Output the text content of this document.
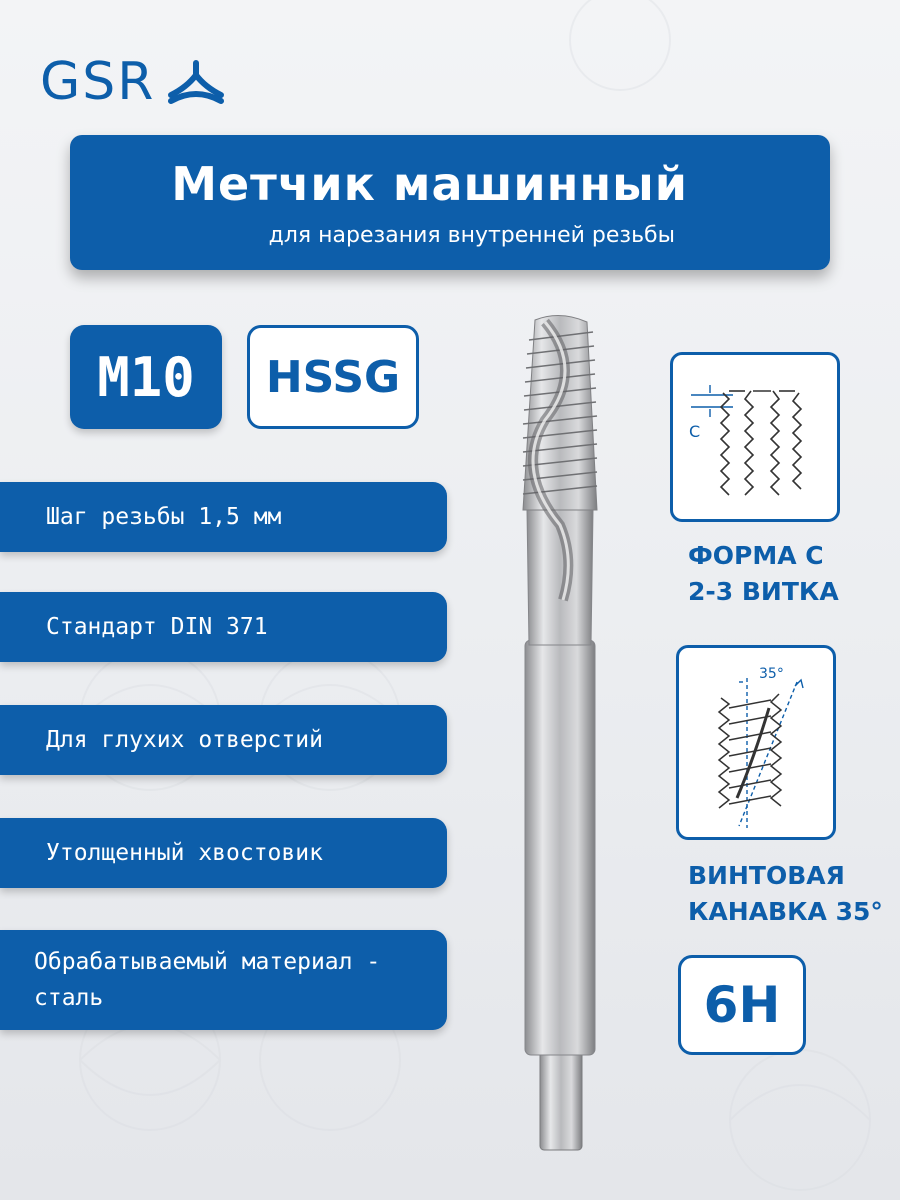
GSR
Метчик машинный
для нарезания внутренней резьбы
M10	HSSG
Шаг резьбы 1,5 мм
Стандарт DIN 371
Для глухих отверстий
Утолщенный хвостовик
Обрабатываемый материал -
сталь
C
ФОРМА С
2-3 ВИТКА
35°
ВИНТОВАЯ
КАНАВКА 35°
6H
